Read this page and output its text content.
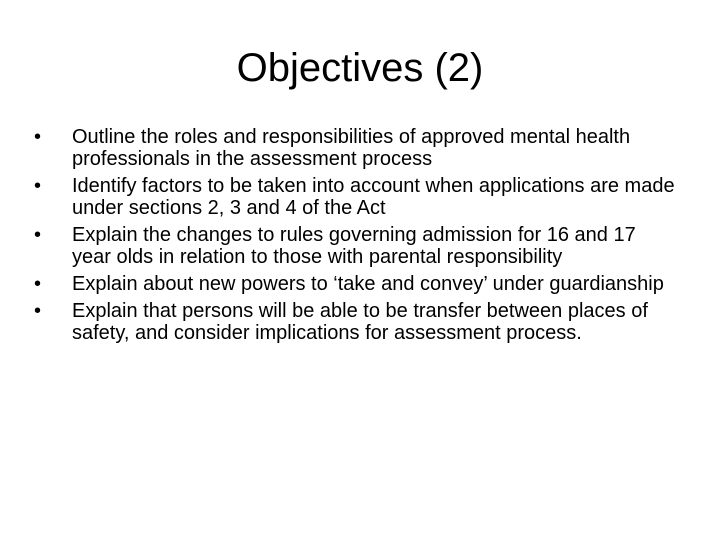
Objectives (2)
•	Outline the roles and responsibilities of approved mental health professionals in the assessment process
•	Identify factors to be taken into account when applications are made under sections 2, 3 and 4 of the Act
•	Explain the changes to rules governing admission for 16 and 17 year olds in relation to those with parental responsibility
•	Explain about new powers to ‘take and convey’ under guardianship
•	Explain that persons will be able to be transfer between places of safety, and consider implications for assessment process.
